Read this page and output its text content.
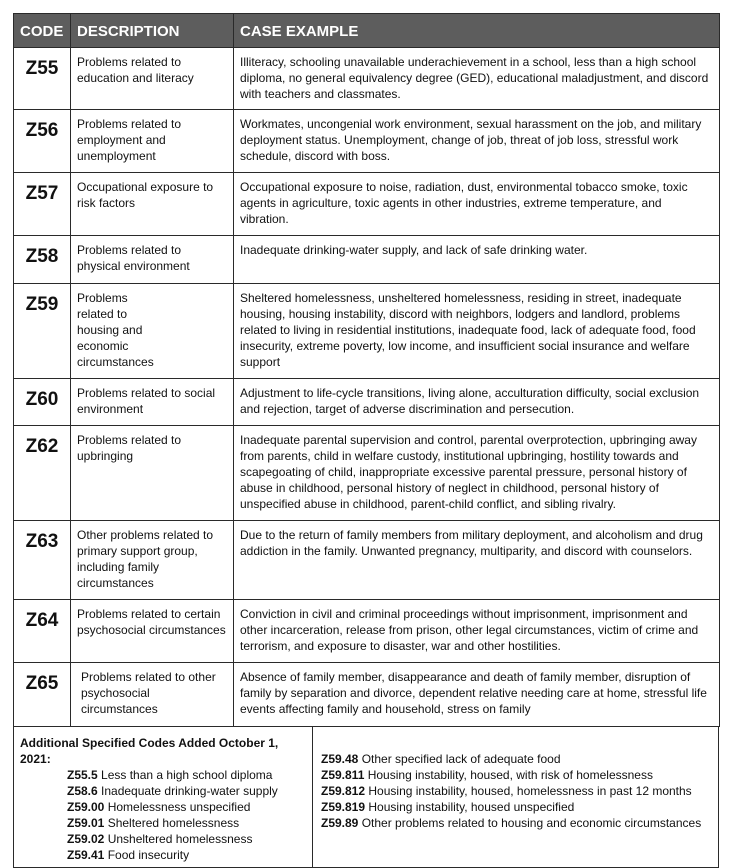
CODE	DESCRIPTION	CASE EXAMPLE
Z55	Problems related to education and literacy	Illiteracy, schooling unavailable underachievement in a school, less than a high school diploma, no general equivalency degree (GED), educational maladjustment, and discord with teachers and classmates.
Z56	Problems related to employment and unemployment	Workmates, uncongenial work environment, sexual harassment on the job, and military deployment status. Unemployment, change of job, threat of job loss, stressful work schedule, discord with boss.
Z57	Occupational exposure to risk factors	Occupational exposure to noise, radiation, dust, environmental tobacco smoke, toxic agents in agriculture, toxic agents in other industries, extreme temperature, and vibration.
Z58	Problems related to physical environment	Inadequate drinking-water supply, and lack of safe drinking water.
Z59	Problems related to housing and economic circumstances	Sheltered homelessness, unsheltered homelessness, residing in street, inadequate housing, housing instability, discord with neighbors, lodgers and landlord, problems related to living in residential institutions, inadequate food, lack of adequate food, food insecurity, extreme poverty, low income, and insufficient social insurance and welfare support
Z60	Problems related to social environment	Adjustment to life-cycle transitions, living alone, acculturation difficulty, social exclusion and rejection, target of adverse discrimination and persecution.
Z62	Problems related to upbringing	Inadequate parental supervision and control, parental overprotection, upbringing away from parents, child in welfare custody, institutional upbringing, hostility towards and scapegoating of child, inappropriate excessive parental pressure, personal history of abuse in childhood, personal history of neglect in childhood, personal history of unspecified abuse in childhood, parent-child conflict, and sibling rivalry.
Z63	Other problems related to primary support group, including family circumstances	Due to the return of family members from military deployment, and alcoholism and drug addiction in the family. Unwanted pregnancy, multiparity, and discord with counselors.
Z64	Problems related to certain psychosocial circumstances	Conviction in civil and criminal proceedings without imprisonment, imprisonment and other incarceration, release from prison, other legal circumstances, victim of crime and terrorism, and exposure to disaster, war and other hostilities.
Z65	Problems related to other psychosocial circumstances	Absence of family member, disappearance and death of family member, disruption of family by separation and divorce, dependent relative needing care at home, stressful life events affecting family and household, stress on family
Additional Specified Codes Added October 1, 2021:
Z55.5 Less than a high school diploma
Z58.6 Inadequate drinking-water supply
Z59.00 Homelessness unspecified
Z59.01 Sheltered homelessness
Z59.02 Unsheltered homelessness
Z59.41 Food insecurity

Z59.48 Other specified lack of adequate food
Z59.811 Housing instability, housed, with risk of homelessness
Z59.812 Housing instability, housed, homelessness in past 12 months
Z59.819 Housing instability, housed unspecified
Z59.89 Other problems related to housing and economic circumstances
